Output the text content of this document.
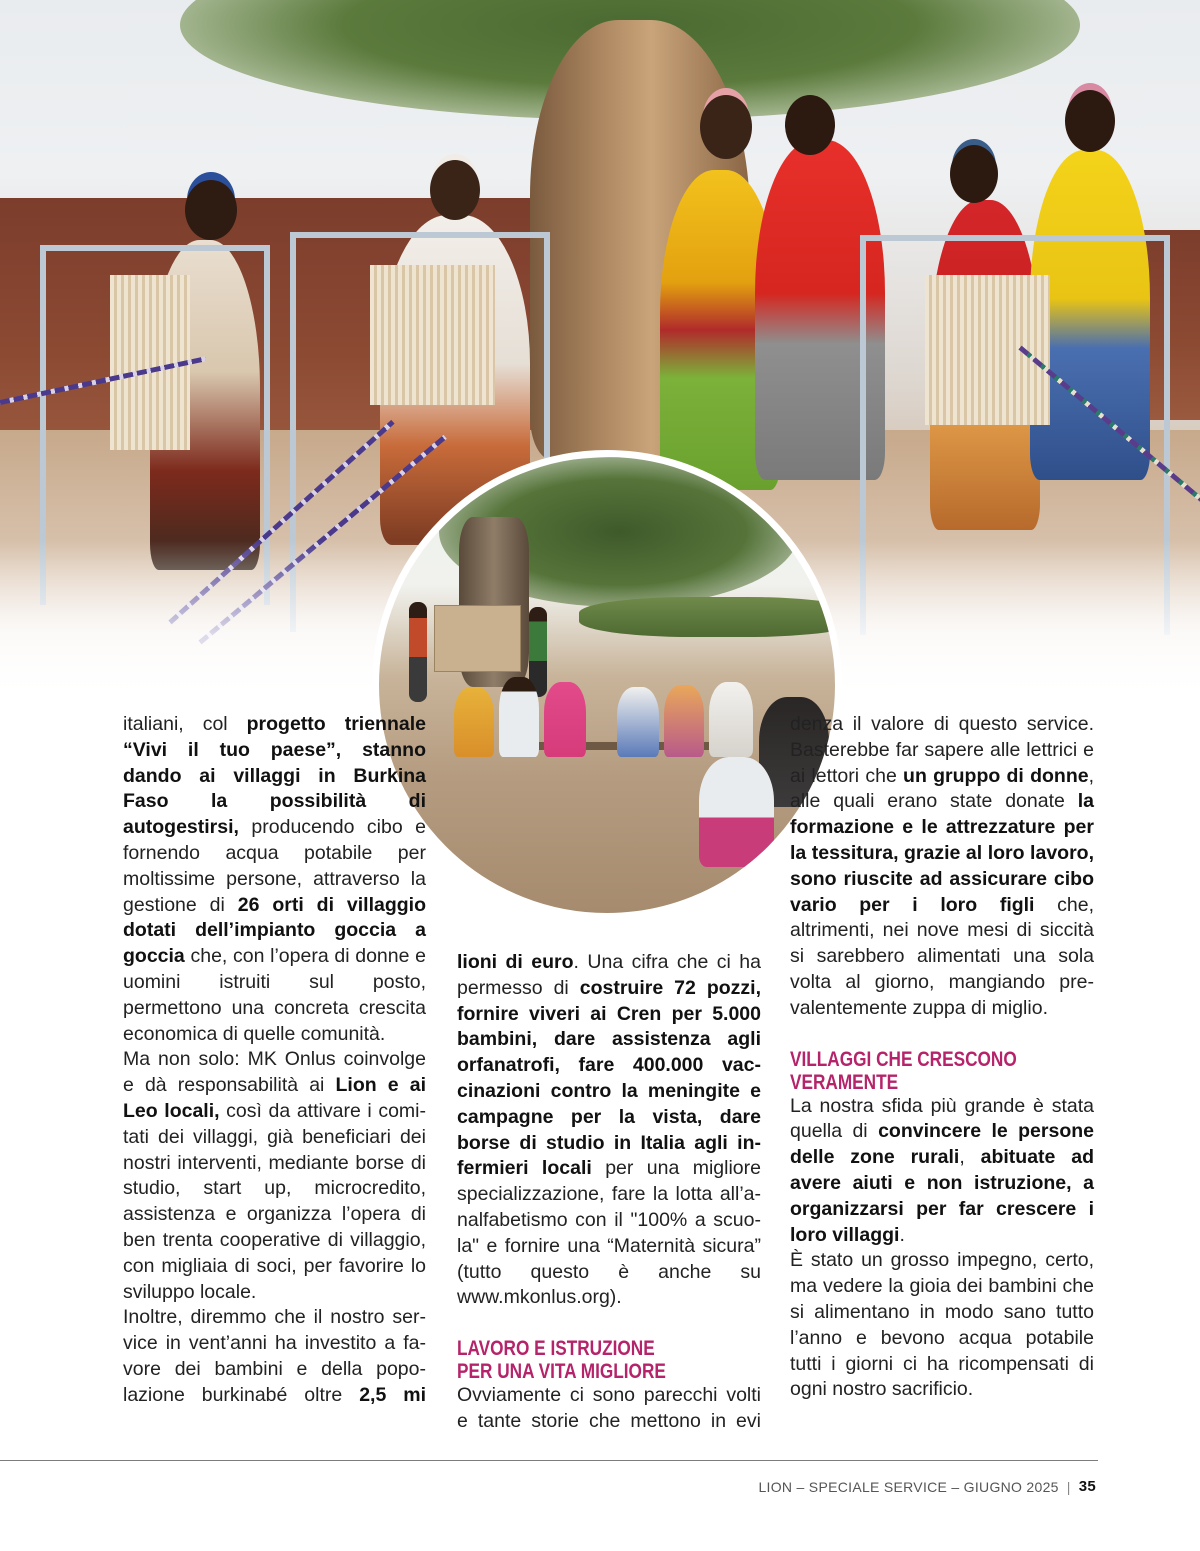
italiani, col progetto triennale “Vivi il tuo paese”, stanno dando ai villaggi in Burkina Faso la possibilità di autogestirsi, producendo cibo e fornendo acqua potabile per moltissime persone, attraverso la gestione di 26 orti di villaggio dotati dell’impianto goccia a goccia che, con l’opera di donne e uomini istruiti sul posto, permettono una concreta crescita economica di quelle comunità.

Ma non solo: MK Onlus coinvolge e dà responsabilità ai Lion e ai Leo locali, così da attivare i comitati dei villaggi, già beneficiari dei nostri interventi, mediante borse di studio, start up, microcredito, assistenza e organizza l’opera di ben trenta cooperative di villaggio, con migliaia di soci, per favorire lo sviluppo locale.

Inoltre, diremmo che il nostro service in vent’anni ha investito a favore dei bambini e della popolazione burkinabé oltre 2,5 mi

lioni di euro. Una cifra che ci ha permesso di costruire 72 pozzi, fornire viveri ai Cren per 5.000 bambini, dare assistenza agli orfanatrofi, fare 400.000 vaccinazioni contro la meningite e campagne per la vista, dare borse di studio in Italia agli infermieri locali per una migliore specializzazione, fare la lotta all’analfabetismo con il "100% a scuola" e fornire una “Maternità sicura” (tutto questo è anche su www.mkonlus.org).

LAVORO E ISTRUZIONE
PER UNA VITA MIGLIORE

Ovviamente ci sono parecchi volti e tante storie che mettono in evi

denza il valore di questo service. Basterebbe far sapere alle lettrici e ai lettori che un gruppo di donne, alle quali erano state donate la formazione e le attrezzature per la tessitura, grazie al loro lavoro, sono riuscite ad assicurare cibo vario per i loro figli che, altrimenti, nei nove mesi di siccità si sarebbero alimentati una sola volta al giorno, mangiando prevalentemente zuppa di miglio.

VILLAGGI CHE CRESCONO
VERAMENTE

La nostra sfida più grande è stata quella di convincere le persone delle zone rurali, abituate ad avere aiuti e non istruzione, a organizzarsi per far crescere i loro villaggi.

È stato un grosso impegno, certo, ma vedere la gioia dei bambini che si alimentano in modo sano tutto l’anno e bevono acqua potabile tutti i giorni ci ha ricompensati di ogni nostro sacrificio.

LION – SPECIALE SERVICE – GIUGNO 2025 | 35
